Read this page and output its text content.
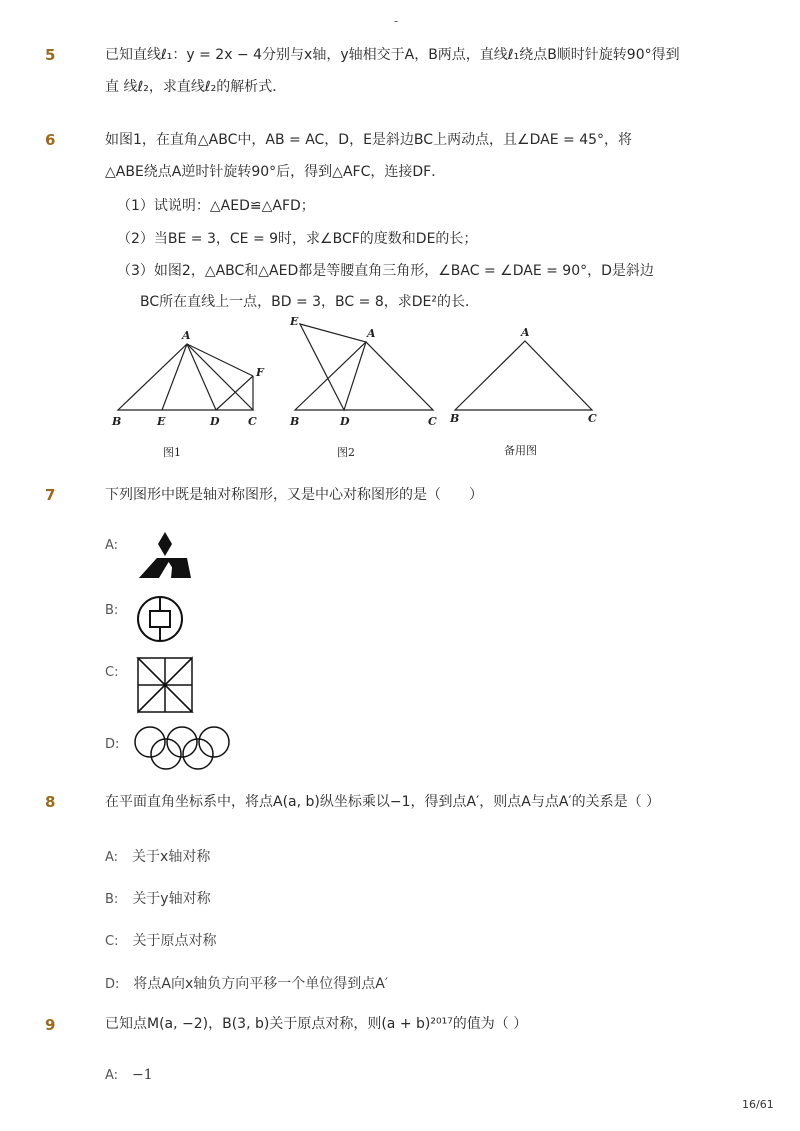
-
5	已知直线ℓ₁：y = 2x − 4分别与x轴，y轴相交于A，B两点，直线ℓ₁绕点B顺时针旋转90°得到
直 线ℓ₂，求直线ℓ₂的解析式．
6	如图1，在直角△ABC中，AB = AC，D，E是斜边BC上两动点，且∠DAE = 45°，将
△ABE绕点A逆时针旋转90°后，得到△AFC，连接DF．
（1）试说明：△AED≌△AFD；
（2）当BE = 3，CE = 9时，求∠BCF的度数和DE的长；
（3）如图2，△ABC和△AED都是等腰直角三角形，∠BAC = ∠DAE = 90°，D是斜边
BC所在直线上一点，BD = 3，BC = 8，求DE²的长．
A
B	E	D	C
F
E
A
B	D	C
A
B	C
图1	图2	备用图
7	下列图形中既是轴对称图形，又是中心对称图形的是（　　）
A:
B:
C:
D:
8	在平面直角坐标系中，将点A(a, b)纵坐标乘以−1，得到点A′，则点A与点A′的关系是（ ）
A: 关于x轴对称
B: 关于y轴对称
C: 关于原点对称
D: 将点A向x轴负方向平移一个单位得到点A′
9	已知点M(a, −2)，B(3, b)关于原点对称，则(a + b)²⁰¹⁷的值为（ ）
A: −1
16/61
